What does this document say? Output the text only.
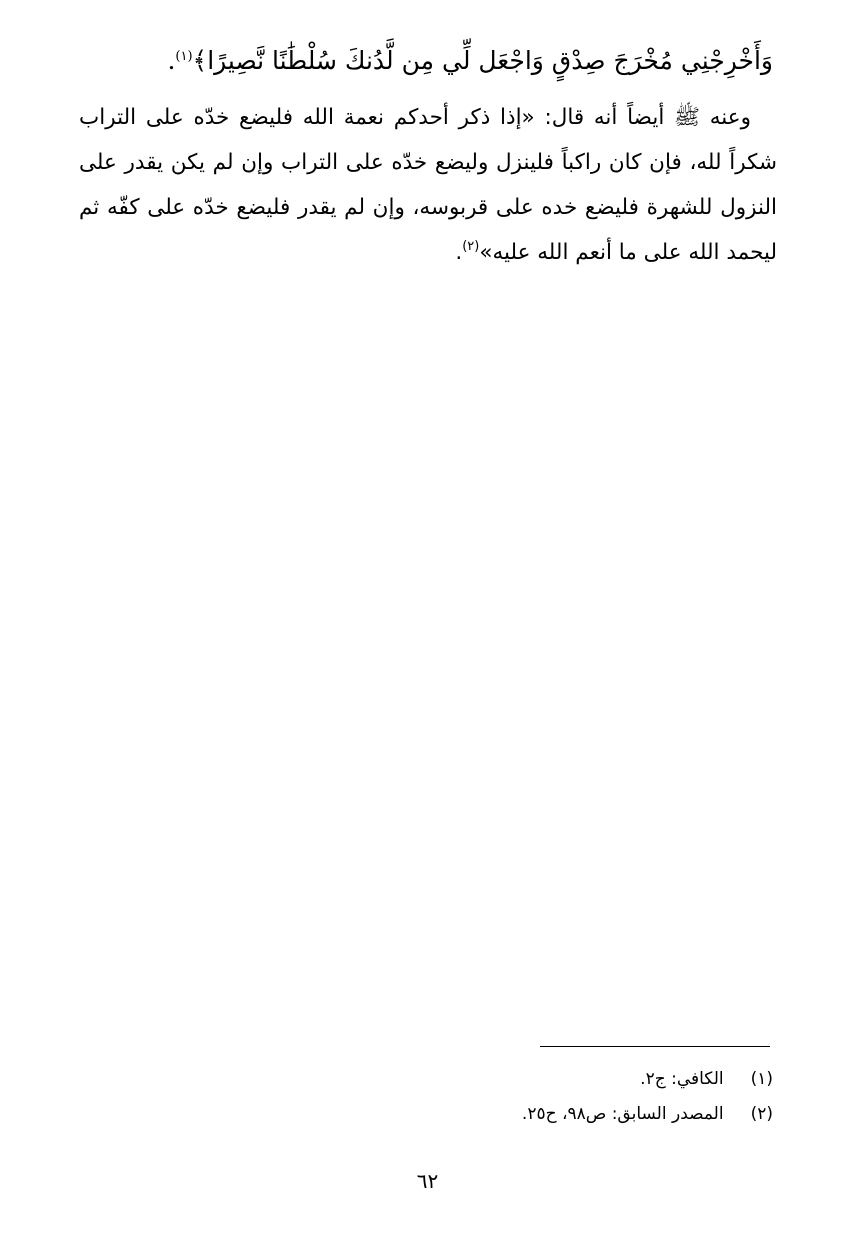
وَأَخْرِجْنِي مُخْرَجَ صِدْقٍ وَاجْعَل لِّي مِن لَّدُنكَ سُلْطَٰنًا نَّصِيرًا﴾$^{(١)}$.
وعنه ﷺ أيضاً أنه قال: «إذا ذكر أحدكم نعمة الله فليضع خدّه على التراب شكراً لله، فإن كان راكباً فلينزل وليضع خدّه على التراب وإن لم يكن يقدر على النزول للشهرة فليضع خده على قربوسه، وإن لم يقدر فليضع خدّه على كفّه ثم ليحمد الله على ما أنعم الله عليه»$^{(٢)}$.
(١) الكافي: ج٢.
(٢) المصدر السابق: ص٩٨، ح٢٥.
٦٢
